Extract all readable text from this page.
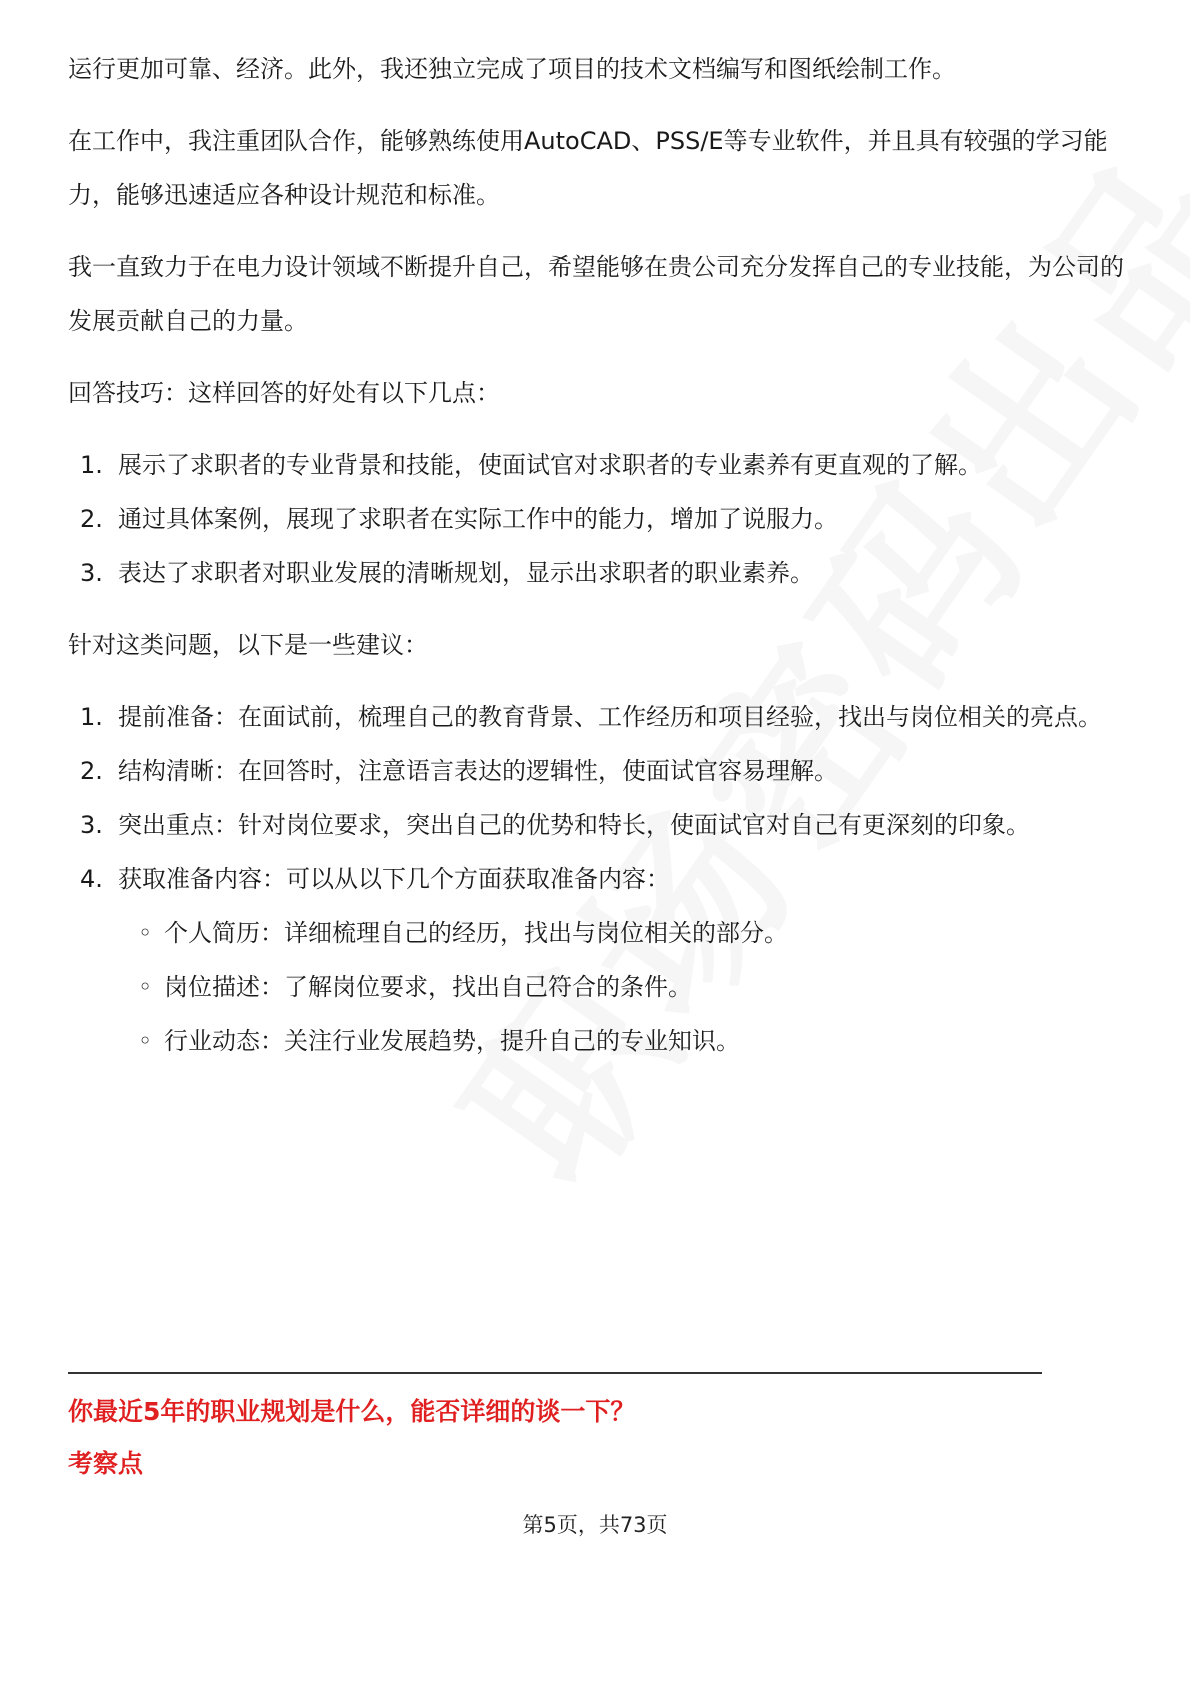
运行更加可靠、经济。此外，我还独立完成了项目的技术文档编写和图纸绘制工作。

在工作中，我注重团队合作，能够熟练使用AutoCAD、PSS/E等专业软件，并且具有较强的学习能力，能够迅速适应各种设计规范和标准。

我一直致力于在电力设计领域不断提升自己，希望能够在贵公司充分发挥自己的专业技能，为公司的发展贡献自己的力量。

回答技巧：这样回答的好处有以下几点：

1. 展示了求职者的专业背景和技能，使面试官对求职者的专业素养有更直观的了解。
2. 通过具体案例，展现了求职者在实际工作中的能力，增加了说服力。
3. 表达了求职者对职业发展的清晰规划，显示出求职者的职业素养。

针对这类问题，以下是一些建议：

1. 提前准备：在面试前，梳理自己的教育背景、工作经历和项目经验，找出与岗位相关的亮点。
2. 结构清晰：在回答时，注意语言表达的逻辑性，使面试官容易理解。
3. 突出重点：针对岗位要求，突出自己的优势和特长，使面试官对自己有更深刻的印象。
4. 获取准备内容：可以从以下几个方面获取准备内容：
◦ 个人简历：详细梳理自己的经历，找出与岗位相关的部分。
◦ 岗位描述：了解岗位要求，找出自己符合的条件。
◦ 行业动态：关注行业发展趋势，提升自己的专业知识。
你最近5年的职业规划是什么，能否详细的谈一下？
考察点
第5页，共73页
